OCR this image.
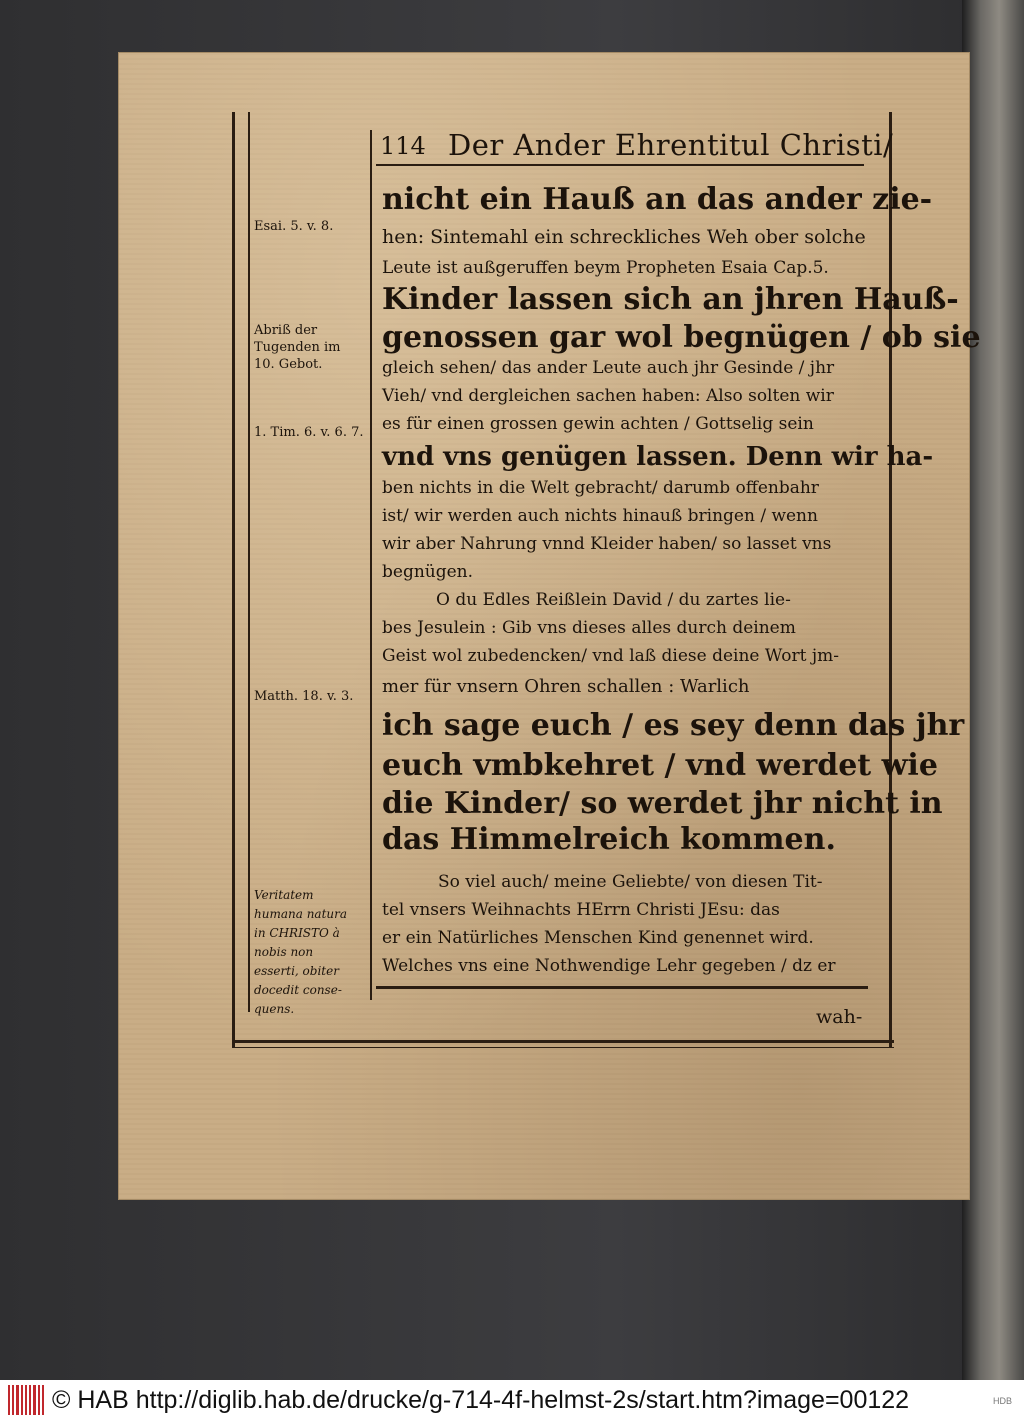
114 Der Ander Ehrentitul Christi/
nicht ein Hauß an das ander zie-
hen: Sintemahl ein schreckliches Weh ober solche
Leute ist außgeruffen beym Propheten Esaia Cap.5.
Kinder lassen sich an jhren Hauß-
genossen gar wol begnügen / ob sie
gleich sehen/ das ander Leute auch jhr Gesinde / jhr
Vieh/ vnd dergleichen sachen haben: Also solten wir
es für einen grossen gewin achten / Gottselig sein
vnd vns genügen lassen. Denn wir ha-
ben nichts in die Welt gebracht/ darumb offenbahr
ist/ wir werden auch nichts hinauß bringen / wenn
wir aber Nahrung vnnd Kleider haben/ so lasset vns
begnügen.
O du Edles Reißlein David / du zartes lie-
bes Jesulein : Gib vns dieses alles durch deinem
Geist wol zubedencken/ vnd laß diese deine Wort jm-
mer für vnsern Ohren schallen : Warlich
ich sage euch / es sey denn das jhr
euch vmbkehret / vnd werdet wie
die Kinder/ so werdet jhr nicht in
das Himmelreich kommen.
So viel auch/ meine Geliebte/ von diesen Tit-
tel vnsers Weihnachts HErrn Christi JEsu: das
er ein Natürliches Menschen Kind genennet wird.
Welches vns eine Nothwendige Lehr gegeben / dz er
Esai. 5. v. 8.
Abriß der Tugenden im 10. Gebot.
1. Tim. 6. v. 6. 7.
Matth. 18. v. 3.
Veritatem humana natura in CHRISTO à nobis non esserti, obiter docedit conse-quens.	wah-
© HAB http://diglib.hab.de/drucke/g-714-4f-helmst-2s/start.htm?image=00122	HDB
